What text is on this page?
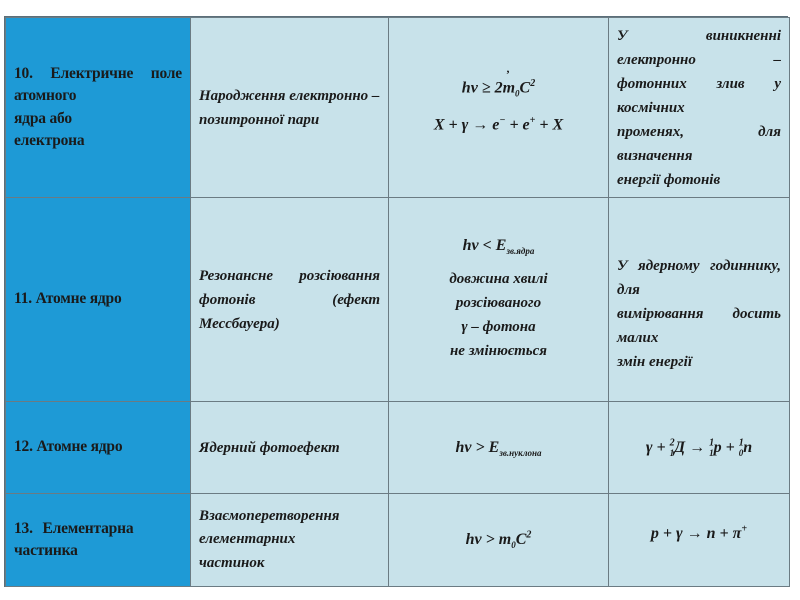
10. Електричне поле
атомного
ядра або
електрона	Народження електронно –
позитронної пари	,
$h\nu \ge 2m_0C^2$
X + γ → e− + e+ + X	У виникненні електронно –
фотонних злив у космічних
променях, для визначення
енергії фотонів

11. Атомне ядро	Резонансне розсіювання
фотонів (ефект
Мессбауера)	$h\nu < E_{зв.ядра}$
довжина хвилі
розсіюваного
γ – фотона
не змінюється	У ядерному годиннику, для
вимірювання досить малих
змін енергії

12. Атомне ядро	Ядерний фотоефект	$h\nu > E_{зв.нуклона}$	γ + $^2_1$Д → $^1_1$p + $^1_0$n

13. Елементарна частинка	Взаємоперетворення
елементарних
частинок	$h\nu > m_0C^2$	p + γ → n + π+
